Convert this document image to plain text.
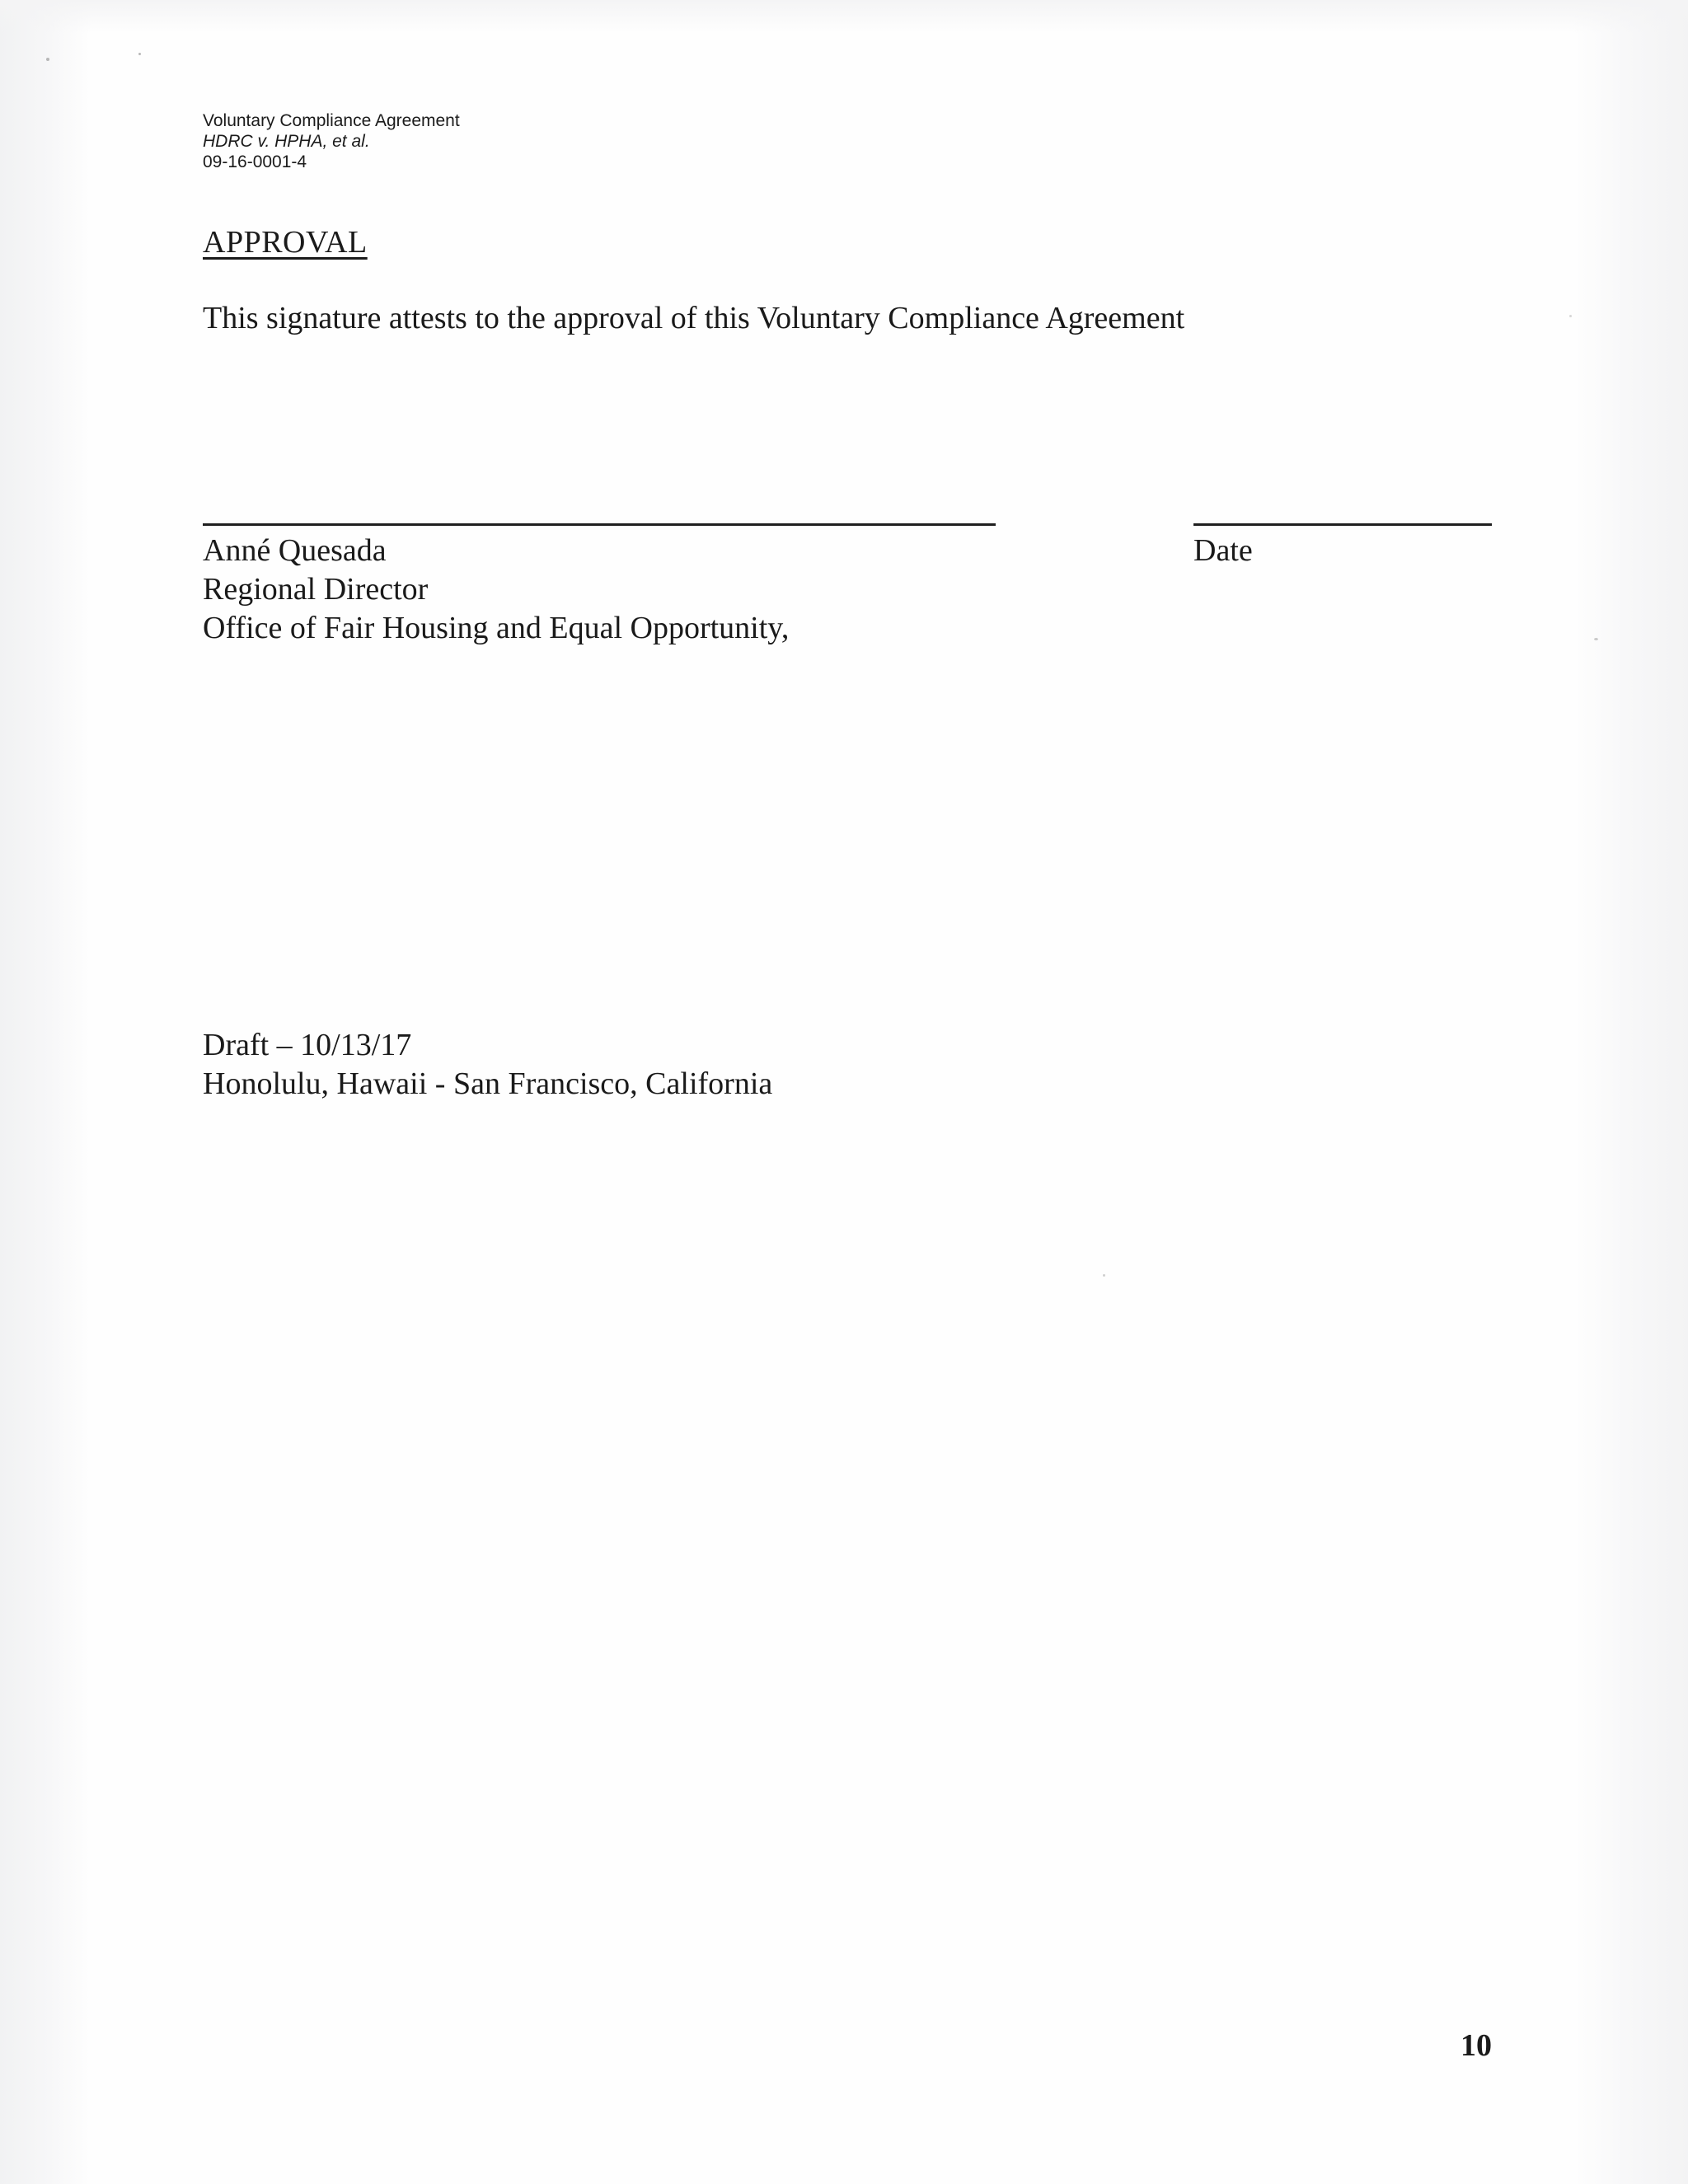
Voluntary Compliance Agreement
HDRC v. HPHA, et al.
09-16-0001-4
APPROVAL

This signature attests to the approval of this Voluntary Compliance Agreement

Anné Quesada
Regional Director
Office of Fair Housing and Equal Opportunity,
Date
Draft – 10/13/17
Honolulu, Hawaii - San Francisco, California
10
